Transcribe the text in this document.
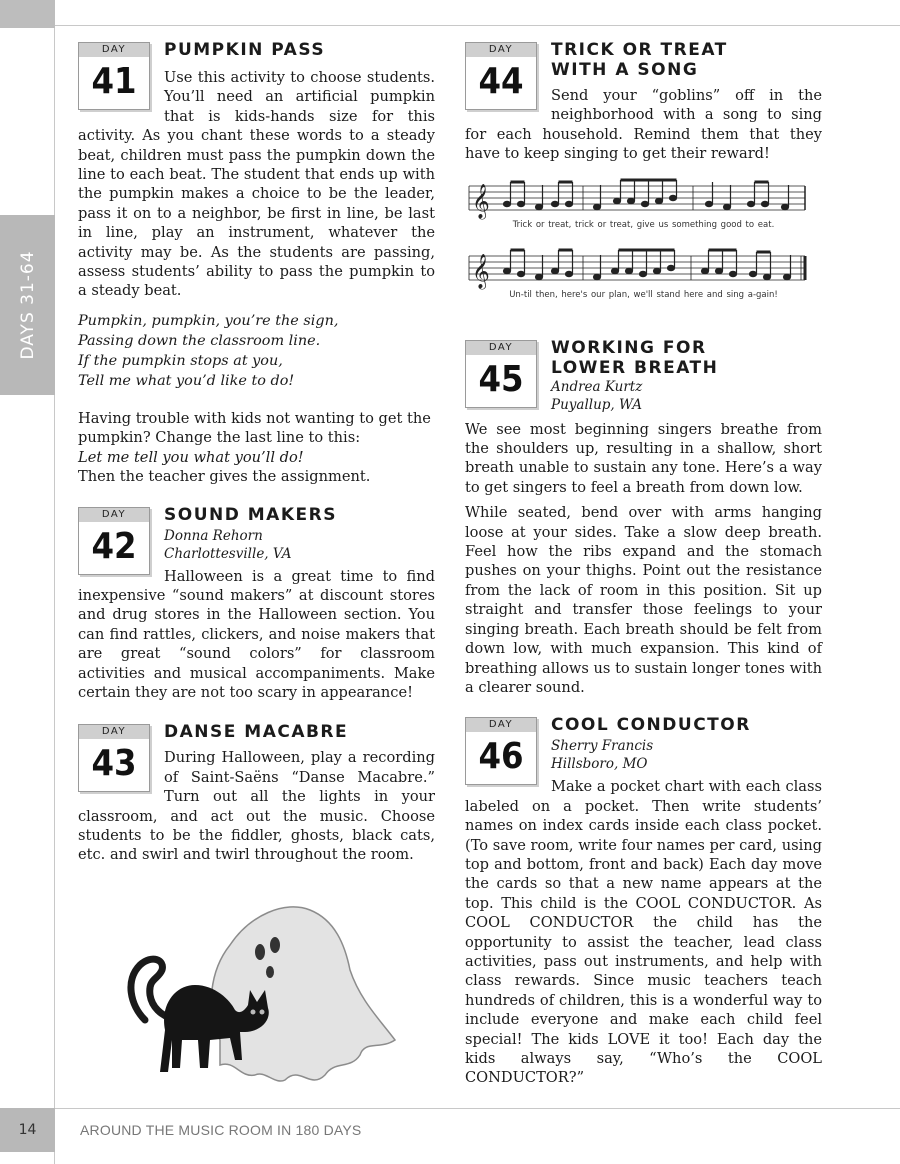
DAYS 31-64
DAY
41
PUMPKIN PASS

Use this activity to choose students. You’ll need an artificial pumpkin that is kids-hands size for this activity. As you chant these words to a steady beat, children must pass the pumpkin down the line to each beat. The student that ends up with the pumpkin makes a choice to be the leader, pass it on to a neighbor, be first in line, be last in line, play an instrument, whatever the activity may be. As the students are passing, assess students’ ability to pass the pumpkin to a steady beat.

Pumpkin, pumpkin, you’re the sign,
Passing down the classroom line.
If the pumpkin stops at you,
Tell me what you’d like to do!

Having trouble with kids not wanting to get the pumpkin? Change the last line to this:

Let me tell you what you’ll do!

Then the teacher gives the assignment.

DAY
42
SOUND MAKERS
Donna Rehorn
Charlottesville, VA

Halloween is a great time to find inexpensive “sound makers” at discount stores and drug stores in the Halloween section. You can find rattles, clickers, and noise makers that are great “sound colors” for classroom activities and musical accompaniments. Make certain they are not too scary in appearance!

DAY
43
DANSE MACABRE

During Halloween, play a recording of Saint-Saëns “Danse Macabre.” Turn out all the lights in your classroom, and act out the music. Choose students to be the fiddler, ghosts, black cats, etc. and swirl and twirl throughout the room.

DAY
44
TRICK OR TREAT
WITH A SONG

Send your “goblins” off in the neighborhood with a song to sing for each household. Remind them that they have to keep singing to get their reward!

𝄞
Trick or treat, trick or treat, give us something good to eat.
𝄞
Un-til then, here's our plan, we'll stand here and sing a-gain!
DAY
45
WORKING FOR
LOWER BREATH
Andrea Kurtz
Puyallup, WA

We see most beginning singers breathe from the shoulders up, resulting in a shallow, short breath unable to sustain any tone. Here’s a way to get singers to feel a breath from down low.

While seated, bend over with arms hanging loose at your sides. Take a slow deep breath. Feel how the ribs expand and the stomach pushes on your thighs. Point out the resistance from the lack of room in this position. Sit up straight and transfer those feelings to your singing breath. Each breath should be felt from down low, with much expansion. This kind of breathing allows us to sustain longer tones with a clearer sound.

DAY
46
COOL CONDUCTOR
Sherry Francis
Hillsboro, MO

Make a pocket chart with each class labeled on a pocket. Then write students’ names on index cards inside each class pocket. (To save room, write four names per card, using top and bottom, front and back) Each day move the cards so that a new name appears at the top. This child is the COOL CONDUCTOR. As COOL CONDUCTOR the child has the opportunity to assist the teacher, lead class activities, pass out instruments, and help with class rewards. Since music teachers teach hundreds of children, this is a wonderful way to include everyone and make each child feel special! The kids LOVE it too! Each day the kids always say, “Who’s the COOL CONDUCTOR?”

14	AROUND THE MUSIC ROOM IN 180 DAYS
